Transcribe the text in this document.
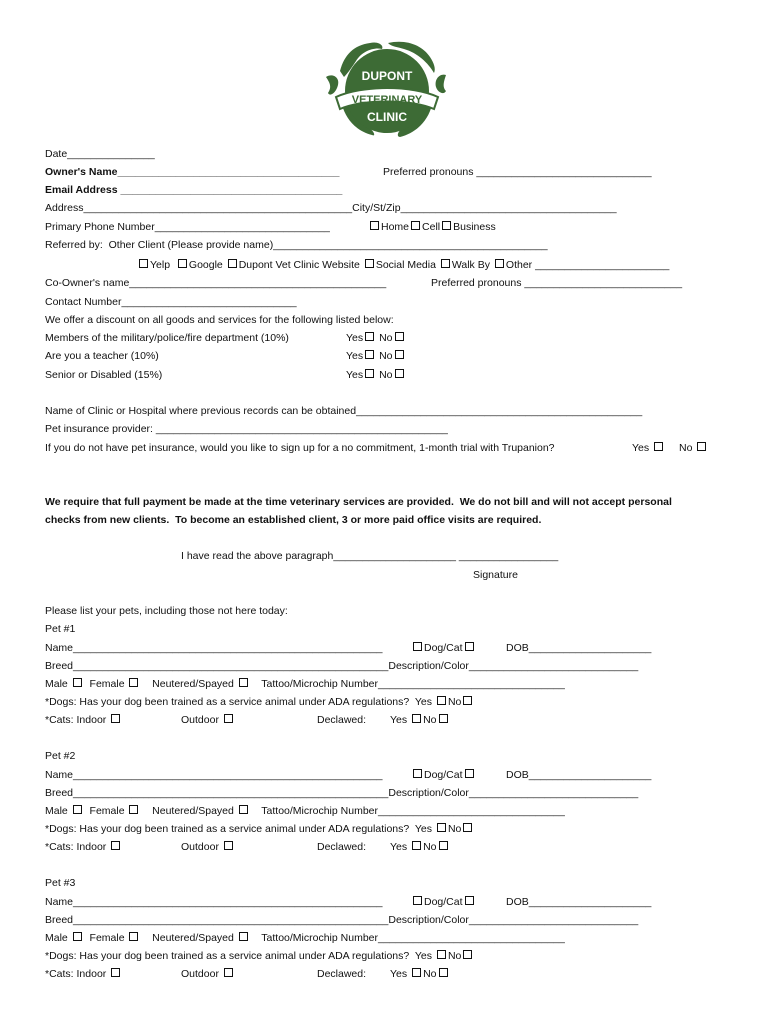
DUPONT
VETERINARY
CLINIC
Date_______________
Owner's Name______________________________________	Preferred pronouns ______________________________
Email Address ______________________________________
Address______________________________________________City/St/Zip_____________________________________
Primary Phone Number______________________________	Home Cell Business
Referred by:  Other Client (Please provide name)_______________________________________________
Yelp Google Dupont Vet Clinic Website Social Media Walk By Other _______________________
Co-Owner's name____________________________________________	Preferred pronouns ___________________________
Contact Number______________________________
We offer a discount on all goods and services for the following listed below:
Members of the military/police/fire department (10%)	Yes No
Are you a teacher (10%)	Yes No
Senior or Disabled (15%)	Yes No
Name of Clinic or Hospital where previous records can be obtained_________________________________________________
Pet insurance provider: __________________________________________________
If you do not have pet insurance, would you like to sign up for a no commitment, 1-month trial with Trupanion?	Yes	No
We require that full payment be made at the time veterinary services are provided.  We do not bill and will not accept personal
checks from new clients.  To become an established client, 3 or more paid office visits are required.
I have read the above paragraph_____________________ _________________
Signature
Please list your pets, including those not here today:
Pet #1
Name_____________________________________________________	Dog/Cat	DOB_____________________
Breed______________________________________________________Description/Color_____________________________
Male Female	Neutered/Spayed	Tattoo/Microchip Number________________________________
*Dogs: Has your dog been trained as a service animal under ADA regulations? Yes No
*Cats: Indoor	Outdoor	Declawed: Yes No
Pet #2
Name_____________________________________________________	Dog/Cat	DOB_____________________
Breed______________________________________________________Description/Color_____________________________
Male Female	Neutered/Spayed	Tattoo/Microchip Number________________________________
*Dogs: Has your dog been trained as a service animal under ADA regulations? Yes No
*Cats: Indoor	Outdoor	Declawed: Yes No
Pet #3
Name_____________________________________________________	Dog/Cat	DOB_____________________
Breed______________________________________________________Description/Color_____________________________
Male Female	Neutered/Spayed	Tattoo/Microchip Number________________________________
*Dogs: Has your dog been trained as a service animal under ADA regulations? Yes No
*Cats: Indoor	Outdoor	Declawed: Yes No
